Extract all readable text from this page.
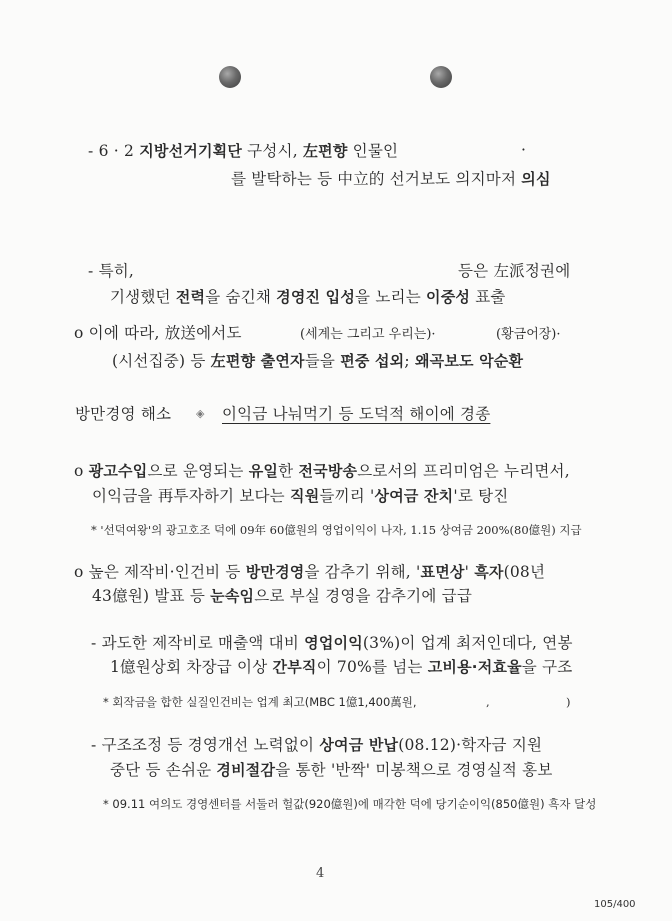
- 6 · 2 지방선거기획단 구성시, 左편향 인물인	·
를 발탁하는 등 中立的 선거보도 의지마저 의심
- 특히,	등은 左派정권에
기생했던 전력을 숨긴채 경영진 입성을 노리는 이중성 표출
o 이에 따라, 放送에서도	(세계는 그리고 우리는)·	(황금어장)·
(시선집중) 등 左편향 출연자들을 편중 섭외; 왜곡보도 악순환
방만경영 해소 ◈ 이익금 나눠먹기 등 도덕적 해이에 경종
o 광고수입으로 운영되는 유일한 전국방송으로서의 프리미엄은 누리면서,
이익금을 再투자하기 보다는 직원들끼리 '상여금 잔치'로 탕진
* '선덕여왕'의 광고호조 덕에 09年 60億원의 영업이익이 나자, 1.15 상여금 200%(80億원) 지급
o 높은 제작비·인건비 등 방만경영을 감추기 위해, '표면상' 흑자(08년
43億원) 발표 등 눈속임으로 부실 경영을 감추기에 급급
- 과도한 제작비로 매출액 대비 영업이익(3%)이 업계 최저인데다, 연봉
1億원상회 차장급 이상 간부직이 70%를 넘는 고비용·저효율을 구조
* 회작금을 합한 실질인건비는 업계 최고(MBC 1億1,400萬원,	,	)
- 구조조정 등 경영개선 노력없이 상여금 반납(08.12)·학자금 지원
중단 등 손쉬운 경비절감을 통한 '반짝' 미봉책으로 경영실적 홍보
* 09.11 여의도 경영센터를 서둘러 헐값(920億원)에 매각한 덕에 당기순이익(850億원) 흑자 달성
4
105/400
